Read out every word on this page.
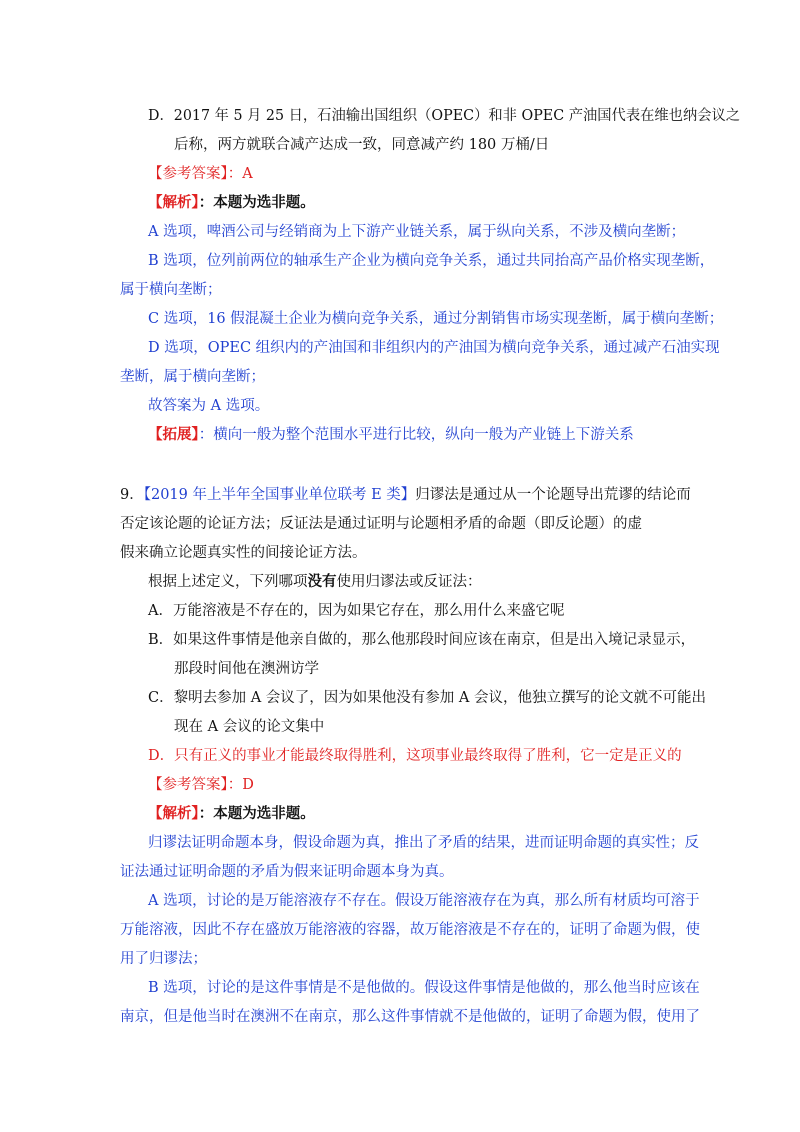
D．2017 年 5 月 25 日，石油输出国组织（OPEC）和非 OPEC 产油国代表在维也纳会议之
后称，两方就联合减产达成一致，同意减产约 180 万桶/日
【参考答案】：A
【解析】：本题为选非题。
A 选项，啤酒公司与经销商为上下游产业链关系，属于纵向关系，不涉及横向垄断；
B 选项，位列前两位的轴承生产企业为横向竞争关系，通过共同抬高产品价格实现垄断，
属于横向垄断；
C 选项，16 假混凝土企业为横向竞争关系，通过分割销售市场实现垄断，属于横向垄断；
D 选项，OPEC 组织内的产油国和非组织内的产油国为横向竞争关系，通过减产石油实现
垄断，属于横向垄断；
故答案为 A 选项。
【拓展】：横向一般为整个范围水平进行比较，纵向一般为产业链上下游关系
9．【2019 年上半年全国事业单位联考 E 类】归谬法是通过从一个论题导出荒谬的结论而
否定该论题的论证方法；反证法是通过证明与论题相矛盾的命题（即反论题）的虚
假来确立论题真实性的间接论证方法。
根据上述定义，下列哪项没有使用归谬法或反证法：
A．万能溶液是不存在的，因为如果它存在，那么用什么来盛它呢
B．如果这件事情是他亲自做的，那么他那段时间应该在南京，但是出入境记录显示，
那段时间他在澳洲访学
C．黎明去参加 A 会议了，因为如果他没有参加 A 会议，他独立撰写的论文就不可能出
现在 A 会议的论文集中
D．只有正义的事业才能最终取得胜利，这项事业最终取得了胜利，它一定是正义的
【参考答案】：D
【解析】：本题为选非题。
归谬法证明命题本身，假设命题为真，推出了矛盾的结果，进而证明命题的真实性；反
证法通过证明命题的矛盾为假来证明命题本身为真。
A 选项，讨论的是万能溶液存不存在。假设万能溶液存在为真，那么所有材质均可溶于
万能溶液，因此不存在盛放万能溶液的容器，故万能溶液是不存在的，证明了命题为假，使
用了归谬法；
B 选项，讨论的是这件事情是不是他做的。假设这件事情是他做的，那么他当时应该在
南京，但是他当时在澳洲不在南京，那么这件事情就不是他做的，证明了命题为假，使用了
